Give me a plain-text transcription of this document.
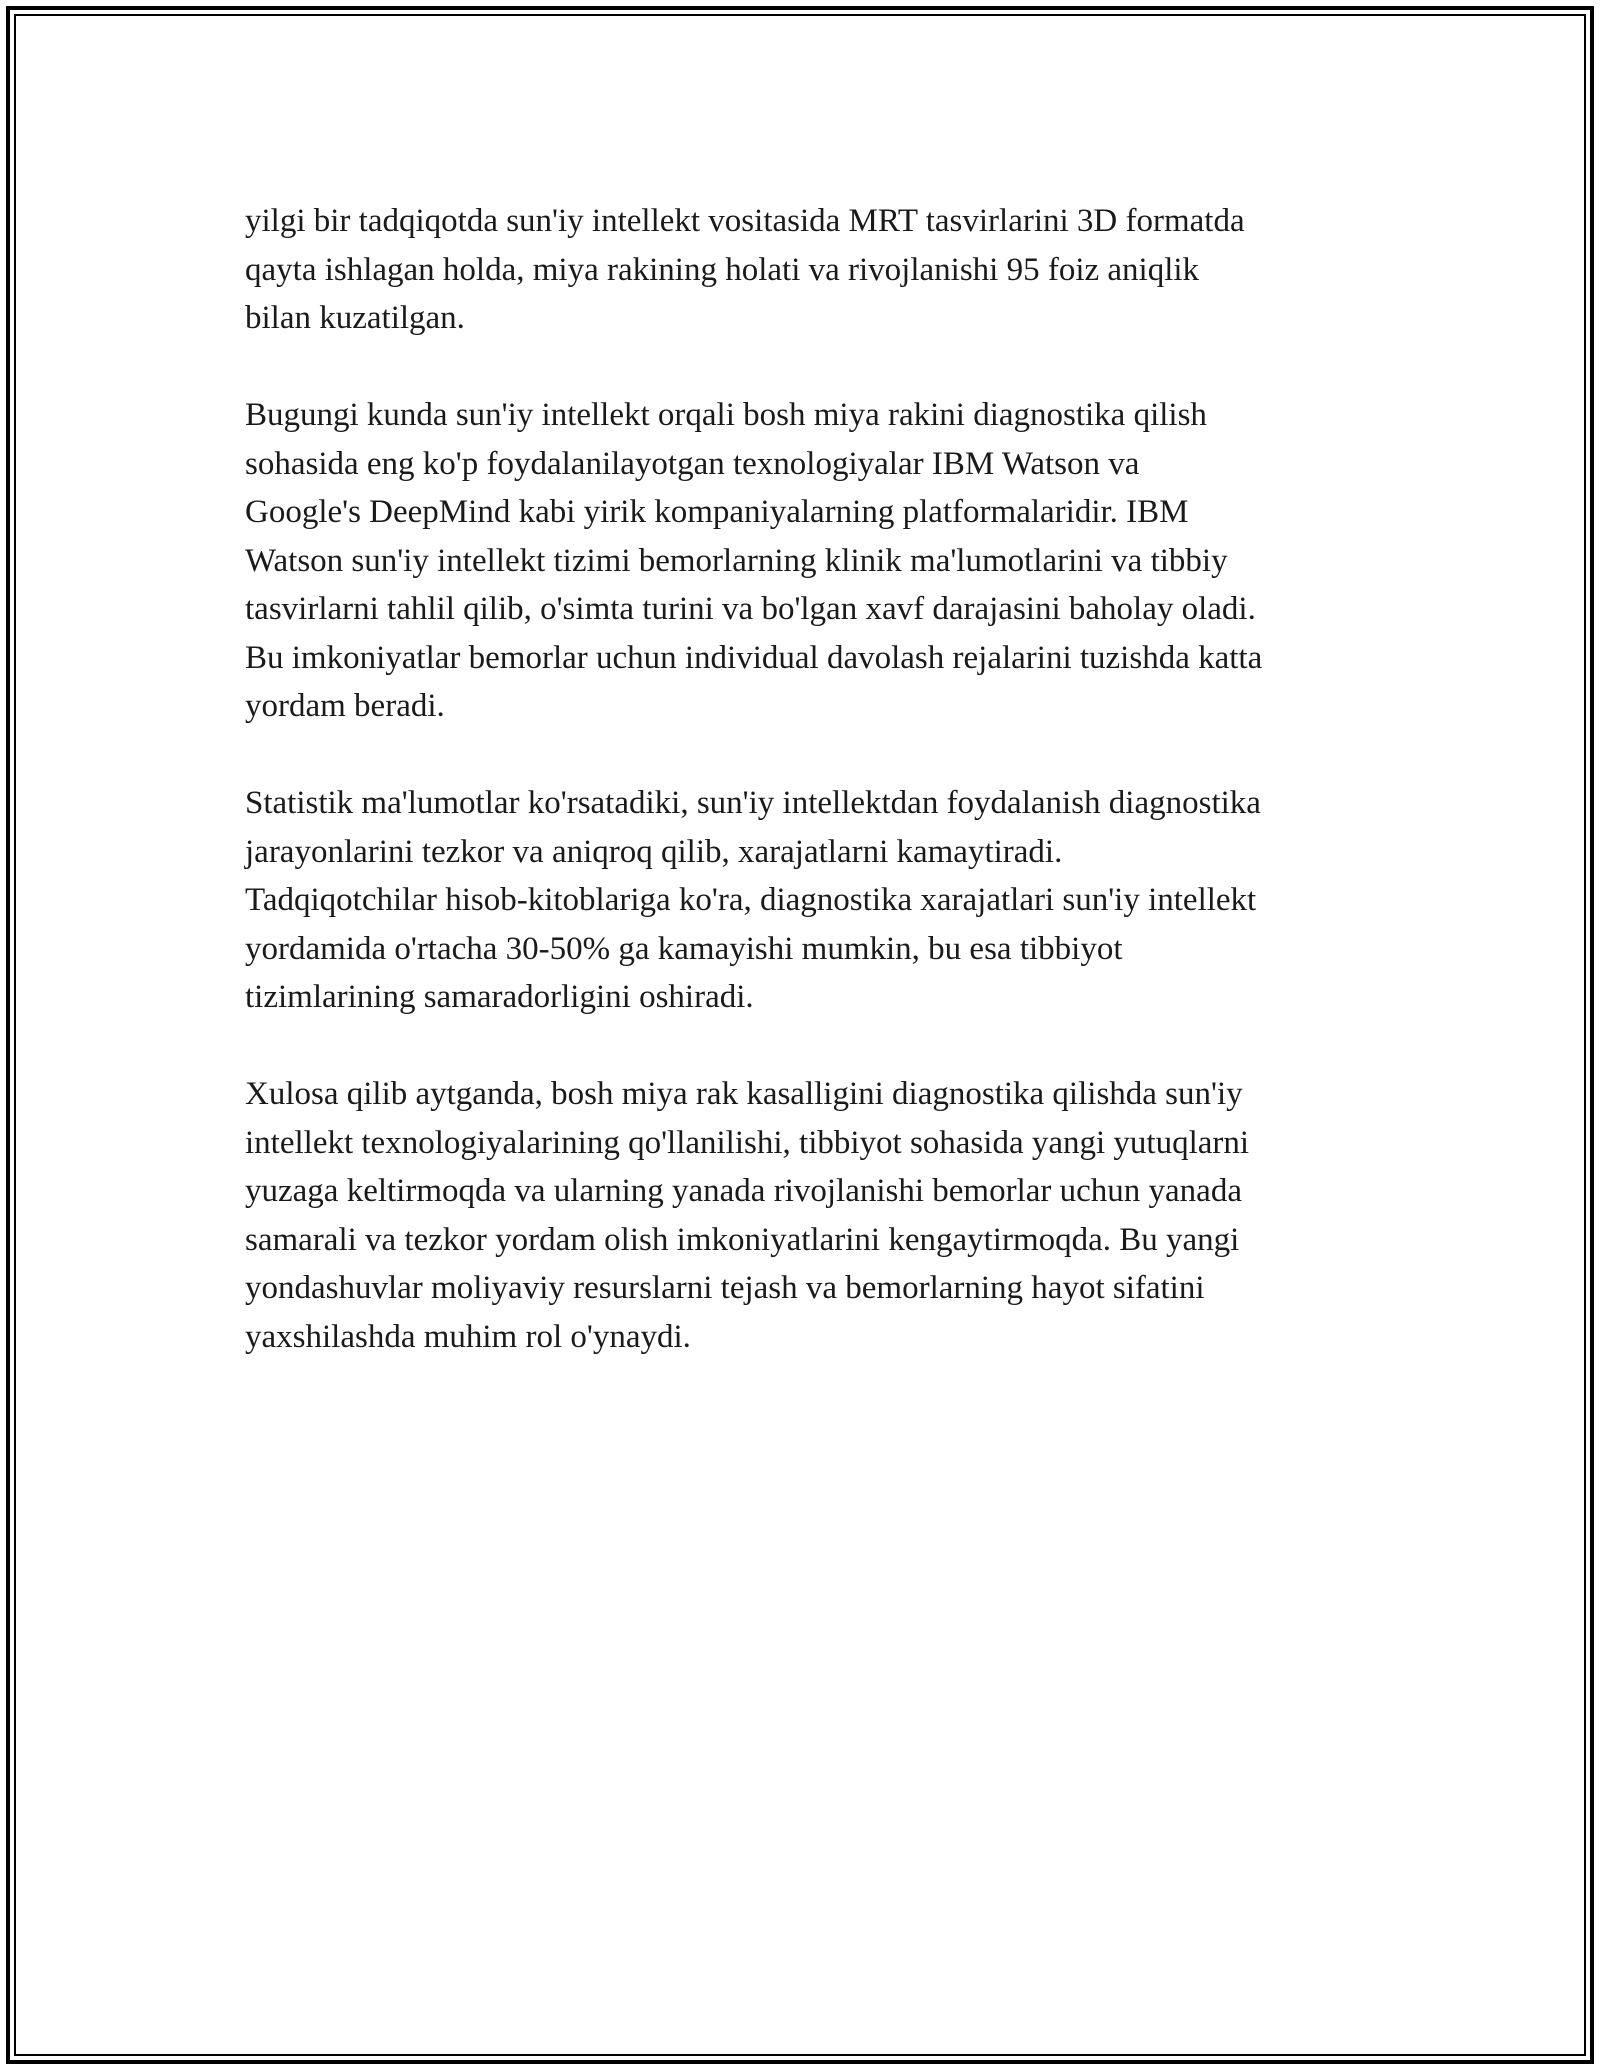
yilgi bir tadqiqotda sun'iy intellekt vositasida MRT tasvirlarini 3D formatda
qayta ishlagan holda, miya rakining holati va rivojlanishi 95 foiz aniqlik
bilan kuzatilgan.

Bugungi kunda sun'iy intellekt orqali bosh miya rakini diagnostika qilish
sohasida eng ko'p foydalanilayotgan texnologiyalar IBM Watson va
Google's DeepMind kabi yirik kompaniyalarning platformalaridir. IBM
Watson sun'iy intellekt tizimi bemorlarning klinik ma'lumotlarini va tibbiy
tasvirlarni tahlil qilib, o'simta turini va bo'lgan xavf darajasini baholay oladi.
Bu imkoniyatlar bemorlar uchun individual davolash rejalarini tuzishda katta
yordam beradi.

Statistik ma'lumotlar ko'rsatadiki, sun'iy intellektdan foydalanish diagnostika
jarayonlarini tezkor va aniqroq qilib, xarajatlarni kamaytiradi.
Tadqiqotchilar hisob-kitoblariga ko'ra, diagnostika xarajatlari sun'iy intellekt
yordamida o'rtacha 30-50% ga kamayishi mumkin, bu esa tibbiyot
tizimlarining samaradorligini oshiradi.

Xulosa qilib aytganda, bosh miya rak kasalligini diagnostika qilishda sun'iy
intellekt texnologiyalarining qo'llanilishi, tibbiyot sohasida yangi yutuqlarni
yuzaga keltirmoqda va ularning yanada rivojlanishi bemorlar uchun yanada
samarali va tezkor yordam olish imkoniyatlarini kengaytirmoqda. Bu yangi
yondashuvlar moliyaviy resurslarni tejash va bemorlarning hayot sifatini
yaxshilashda muhim rol o'ynaydi.
